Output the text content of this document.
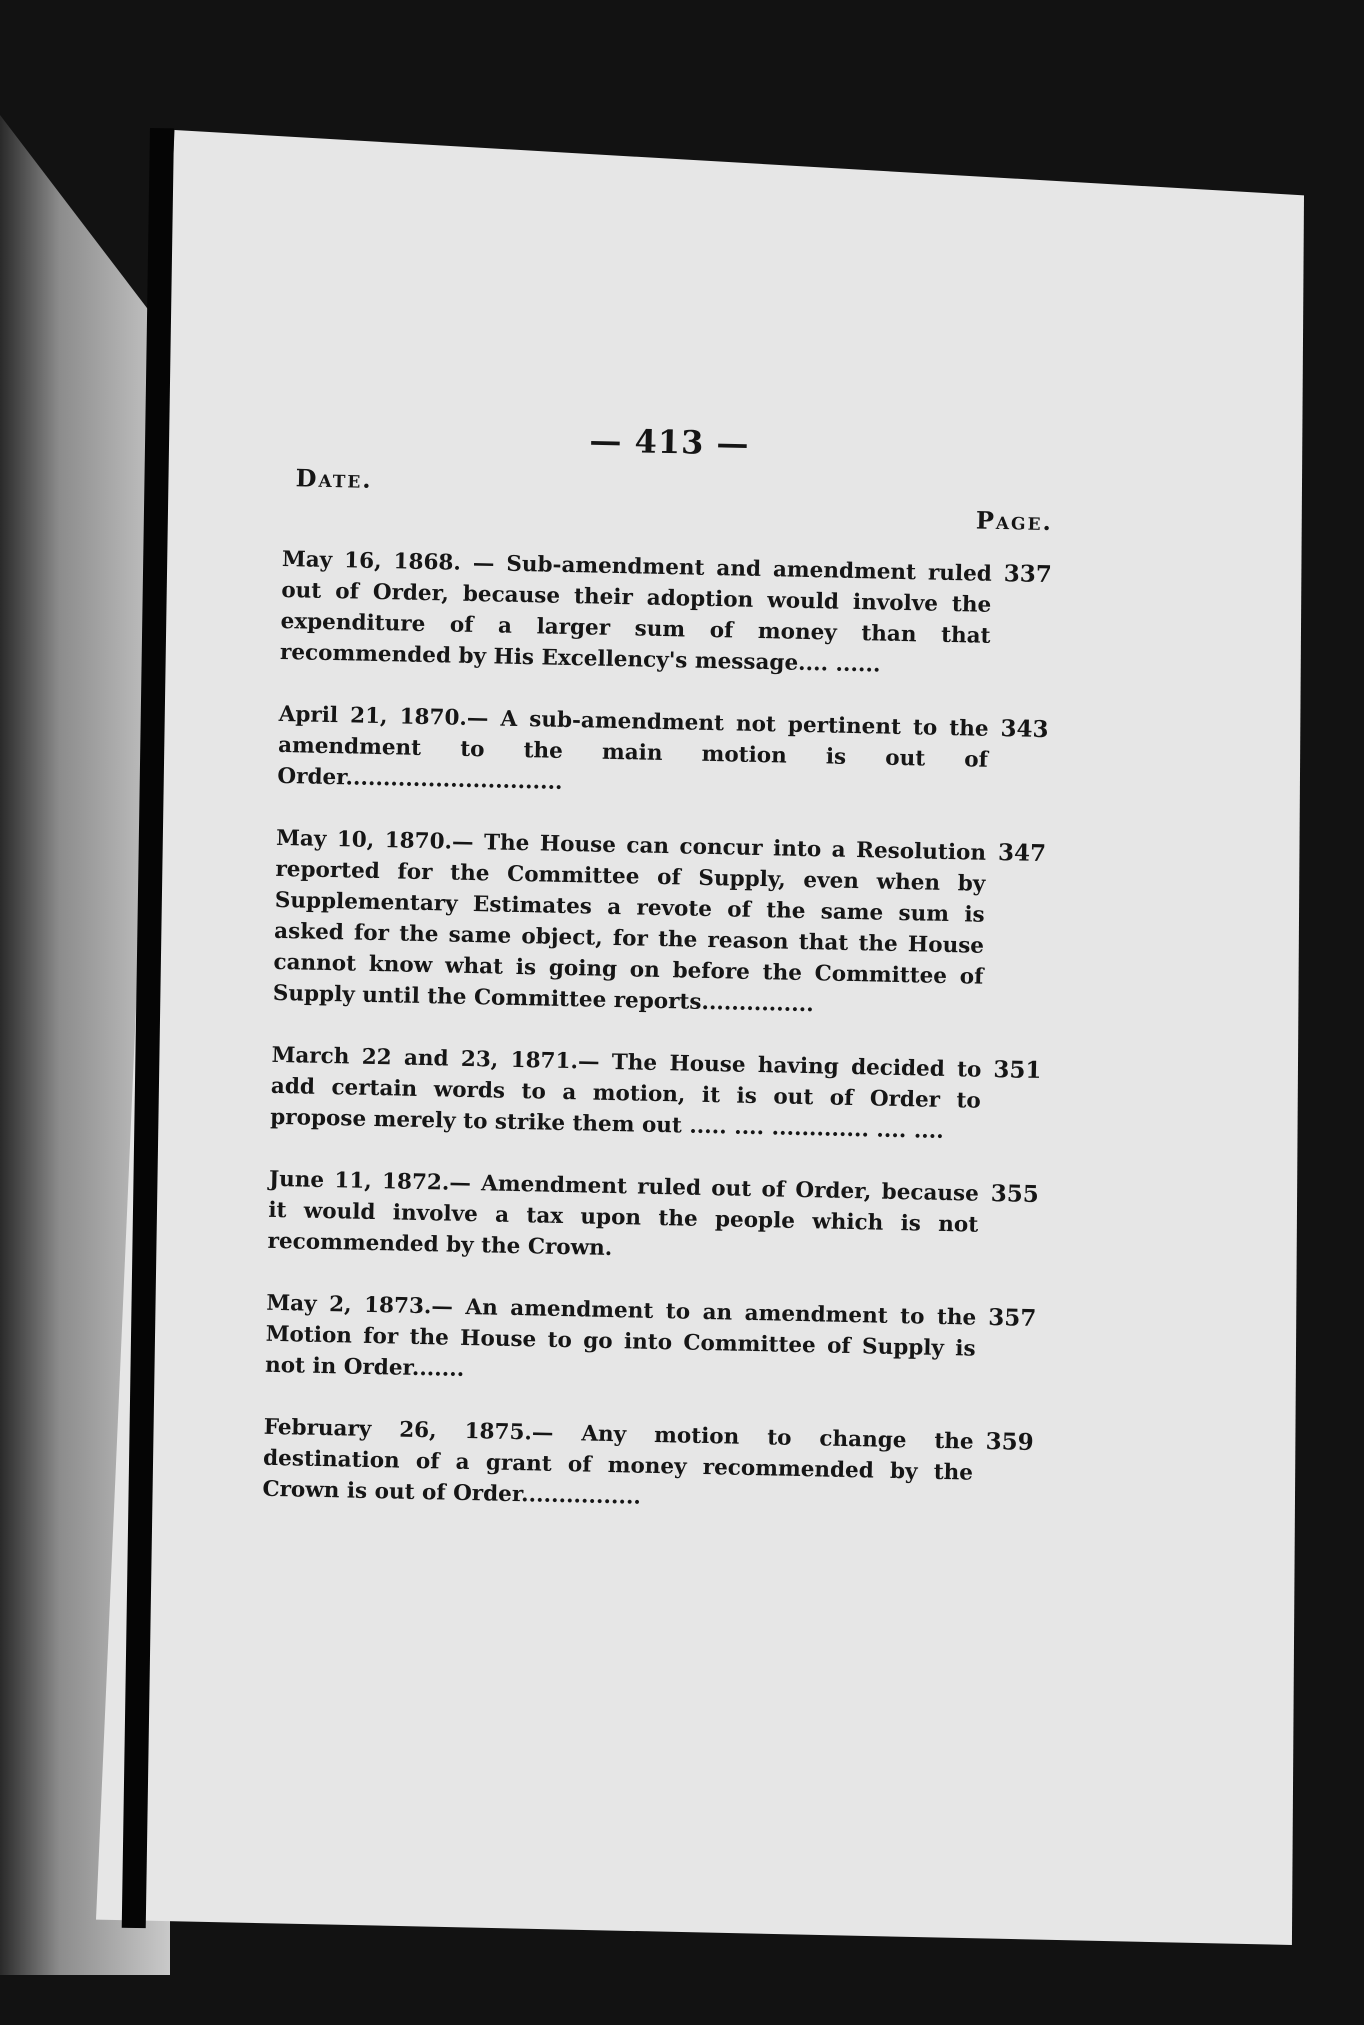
— 413 —
Date.
Page.
May 16, 1868. — Sub-amendment and amendment ruled out of Order, because their adoption would involve the expenditure of a larger sum of money than that recommended by His Excellency's message.... ......
337
April 21, 1870.— A sub-amendment not pertinent to the amendment to the main motion is out of Order.............................
343
May 10, 1870.— The House can concur into a Resolution reported for the Committee of Supply, even when by Supplementary Estimates a revote of the same sum is asked for the same object, for the reason that the House cannot know what is going on before the Committee of Supply until the Committee reports...............
347
March 22 and 23, 1871.— The House having decided to add certain words to a motion, it is out of Order to propose merely to strike them out ..... .... ............. .... ....
351
June 11, 1872.— Amendment ruled out of Order, because it would involve a tax upon the people which is not recommended by the Crown.
355
May 2, 1873.— An amendment to an amendment to the Motion for the House to go into Committee of Supply is not in Order.......
357
February 26, 1875.— Any motion to change the destination of a grant of money recommended by the Crown is out of Order................
359
